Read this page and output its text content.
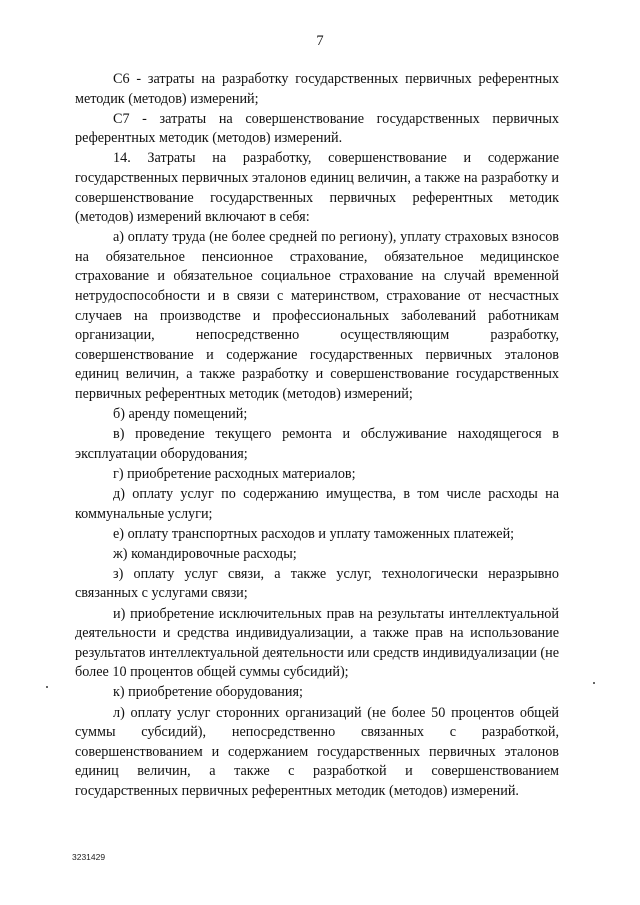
7

С6 - затраты на разработку государственных первичных референтных методик (методов) измерений;

С7 - затраты на совершенствование государственных первичных референтных методик (методов) измерений.

14. Затраты на разработку, совершенствование и содержание государственных первичных эталонов единиц величин, а также на разработку и совершенствование государственных первичных референтных методик (методов) измерений включают в себя:

а) оплату труда (не более средней по региону), уплату страховых взносов на обязательное пенсионное страхование, обязательное медицинское страхование и обязательное социальное страхование на случай временной нетрудоспособности и в связи с материнством, страхование от несчастных случаев на производстве и профессиональных заболеваний работникам организации, непосредственно осуществляющим разработку, совершенствование и содержание государственных первичных эталонов единиц величин, а также разработку и совершенствование государственных первичных референтных методик (методов) измерений;

б) аренду помещений;

в) проведение текущего ремонта и обслуживание находящегося в эксплуатации оборудования;

г) приобретение расходных материалов;

д) оплату услуг по содержанию имущества, в том числе расходы на коммунальные услуги;

е) оплату транспортных расходов и уплату таможенных платежей;

ж) командировочные расходы;

з) оплату услуг связи, а также услуг, технологически неразрывно связанных с услугами связи;

и) приобретение исключительных прав на результаты интеллектуальной деятельности и средства индивидуализации, а также прав на использование результатов интеллектуальной деятельности или средств индивидуализации (не более 10 процентов общей суммы субсидий);

к) приобретение оборудования;

л) оплату услуг сторонних организаций (не более 50 процентов общей суммы субсидий), непосредственно связанных с разработкой, совершенствованием и содержанием государственных первичных эталонов единиц величин, а также с разработкой и совершенствованием государственных первичных референтных методик (методов) измерений.

3231429
